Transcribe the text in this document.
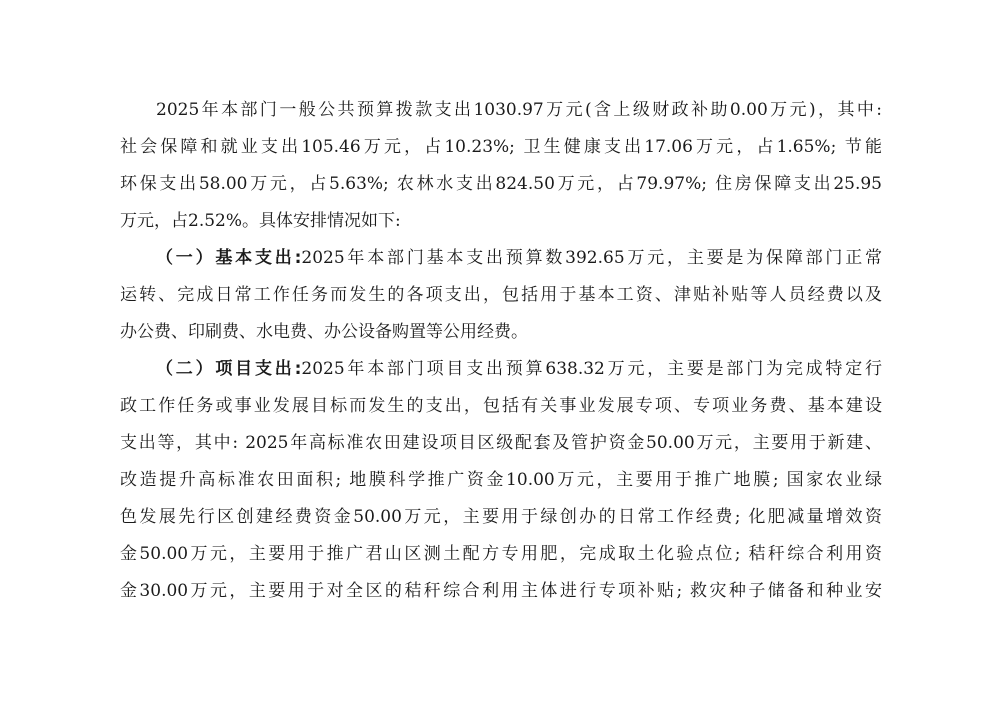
2025年本部门一般公共预算拨款支出1030.97万元(含上级财政补助0.00万元)，其中:
社会保障和就业支出105.46万元，占10.23%; 卫生健康支出17.06万元，占1.65%; 节能
环保支出58.00万元，占5.63%; 农林水支出824.50万元，占79.97%; 住房保障支出25.95
万元，占2.52%。具体安排情况如下:
（一）基本支出:2025年本部门基本支出预算数392.65万元，主要是为保障部门正常
运转、完成日常工作任务而发生的各项支出，包括用于基本工资、津贴补贴等人员经费以及
办公费、印刷费、水电费、办公设备购置等公用经费。
（二）项目支出:2025年本部门项目支出预算638.32万元，主要是部门为完成特定行
政工作任务或事业发展目标而发生的支出，包括有关事业发展专项、专项业务费、基本建设
支出等，其中: 2025年高标准农田建设项目区级配套及管护资金50.00万元，主要用于新建、
改造提升高标准农田面积; 地膜科学推广资金10.00万元，主要用于推广地膜; 国家农业绿
色发展先行区创建经费资金50.00万元，主要用于绿创办的日常工作经费; 化肥减量增效资
金50.00万元，主要用于推广君山区测土配方专用肥，完成取土化验点位; 秸秆综合利用资
金30.00万元，主要用于对全区的秸秆综合利用主体进行专项补贴; 救灾种子储备和种业安
